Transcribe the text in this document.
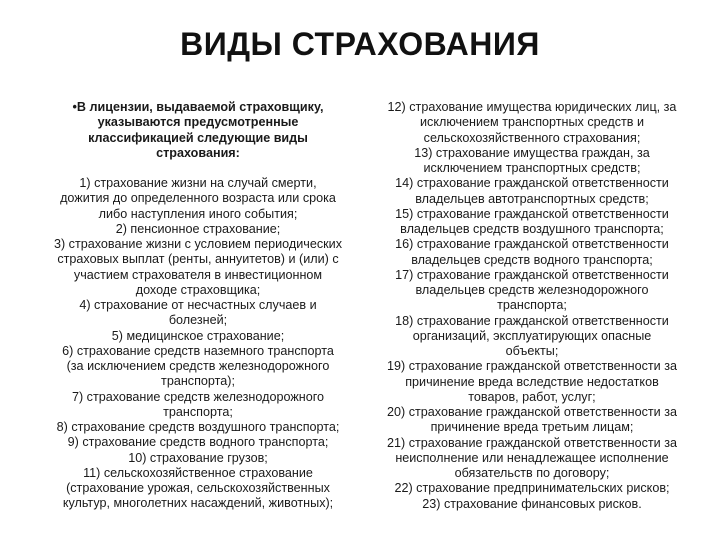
ВИДЫ СТРАХОВАНИЯ
•В лицензии, выдаваемой страховщику,
указываются предусмотренные
классификацией следующие виды
страхования:
1) страхование жизни на случай смерти,
дожития до определенного возраста или срока
либо наступления иного события;
2) пенсионное страхование;
3) страхование жизни с условием периодических
страховых выплат (ренты, аннуитетов) и (или) с
участием страхователя в инвестиционном
доходе страховщика;
4) страхование от несчастных случаев и
болезней;
5) медицинское страхование;
6) страхование средств наземного транспорта
(за исключением средств железнодорожного
транспорта);
7) страхование средств железнодорожного
транспорта;
8) страхование средств воздушного транспорта;
9) страхование средств водного транспорта;
10) страхование грузов;
11) сельскохозяйственное страхование
(страхование урожая, сельскохозяйственных
культур, многолетних насаждений, животных);
12) страхование имущества юридических лиц, за
исключением транспортных средств и
сельскохозяйственного страхования;
13) страхование имущества граждан, за
исключением транспортных средств;
14) страхование гражданской ответственности
владельцев автотранспортных средств;
15) страхование гражданской ответственности
владельцев средств воздушного транспорта;
16) страхование гражданской ответственности
владельцев средств водного транспорта;
17) страхование гражданской ответственности
владельцев средств железнодорожного
транспорта;
18) страхование гражданской ответственности
организаций, эксплуатирующих опасные
объекты;
19) страхование гражданской ответственности за
причинение вреда вследствие недостатков
товаров, работ, услуг;
20) страхование гражданской ответственности за
причинение вреда третьим лицам;
21) страхование гражданской ответственности за
неисполнение или ненадлежащее исполнение
обязательств по договору;
22) страхование предпринимательских рисков;
23) страхование финансовых рисков.
